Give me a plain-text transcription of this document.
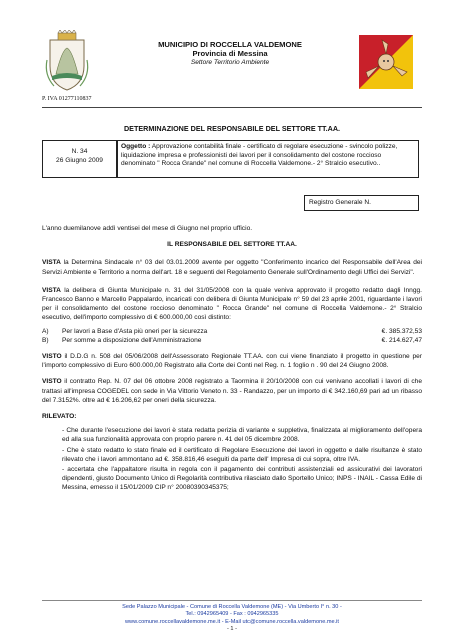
MUNICIPIO DI ROCCELLA VALDEMONE
Provincia di Messina
Settore Territorio Ambiente
P. IVA 01277110837
DETERMINAZIONE DEL RESPONSABILE DEL SETTORE TT.AA.
N. 34
26 Giugno 2009
Oggetto : Approvazione contabilità finale - certificato di regolare esecuzione - svincolo polizze, liquidazione impresa e professionisti dei lavori per il consolidamento del costone roccioso denominato " Rocca Grande" nel comune di Roccella Valdemone.- 2° Stralcio esecutivo..
Registro Generale N.

L'anno duemilanove addì ventisei del mese di Giugno nel proprio ufficio.

IL RESPONSABILE DEL SETTORE TT.AA.

VISTA la Determina Sindacale n° 03 del 03.01.2009 avente per oggetto "Conferimento incarico del Responsabile dell'Area dei Servizi Ambiente e Territorio a norma dell'art. 18 e seguenti del Regolamento Generale sull'Ordinamento degli Uffici dei Servizi".

VISTA la delibera di Giunta Municipale n. 31 del 31/05/2008 con la quale veniva approvato il progetto redatto dagli Inngg. Francesco Banno e Marcello Pappalardo, incaricati con delibera di Giunta Municipale n° 59 del 23 aprile 2001, riguardante i lavori per il consolidamento del costone roccioso denominato " Rocca Grande" nel comune di Roccella Valdemone.- 2° Stralcio esecutivo, dell'importo complessivo di € 600.000,00 così distinto:

A)	Per lavori a Base d'Asta più oneri per la sicurezza	€. 385.372,53
B)	Per somme a disposizione dell'Amministrazione	€. 214.627,47

VISTO il D.D.G n. 508 del 05/06/2008 dell'Assessorato Regionale TT.AA. con cui viene finanziato il progetto in questione per l'importo complessivo di Euro 600.000,00 Registrato alla Corte dei Conti nel Reg. n. 1 foglio n . 90 del 24 Giugno 2008.

VISTO il contratto Rep. N. 07 del 06 ottobre 2008 registrato a Taormina il 20/10/2008 con cui venivano accollati i lavori di che trattasi all'impresa COGEDEL con sede in Via Vittorio Veneto n. 33 - Randazzo, per un importo di € 342.160,69 pari ad un ribasso del 7.3152%. oltre ad € 16.206,62 per oneri della sicurezza.

RILEVATO:

- Che durante l'esecuzione dei lavori è stata redatta perizia di variante e suppletiva, finalizzata al miglioramento dell'opera ed alla sua funzionalità approvata con proprio parere n. 41 del 05 dicembre 2008.

- Che è stato redatto lo stato finale ed il certificato di Regolare Esecuzione dei lavori in oggetto e dalle risultanze è stato rilevato che i lavori ammontano ad €. 358.816,46 eseguiti da parte dell' Impresa di cui sopra, oltre IVA.

- accertata che l'appaltatore risulta in regola con il pagamento dei contributi assistenziali ed assicurativi dei lavoratori dipendenti, giusto Documento Unico di Regolarità contributiva rilasciato dallo Sportello Unico; INPS - INAIL - Cassa Edile di Messina, emesso il 15/01/2009 CIP n° 20080390345375;

Sede Palazzo Municipale - Comune di Roccella Valdemone (ME) - Via Umberto I° n. 30 -
Tel.: 0942965409 - Fax : 0942965335
www.comune.roccellavaldemone.me.it - E-Mail utc@comune.roccella.valdemone.me.it
- 1 -
